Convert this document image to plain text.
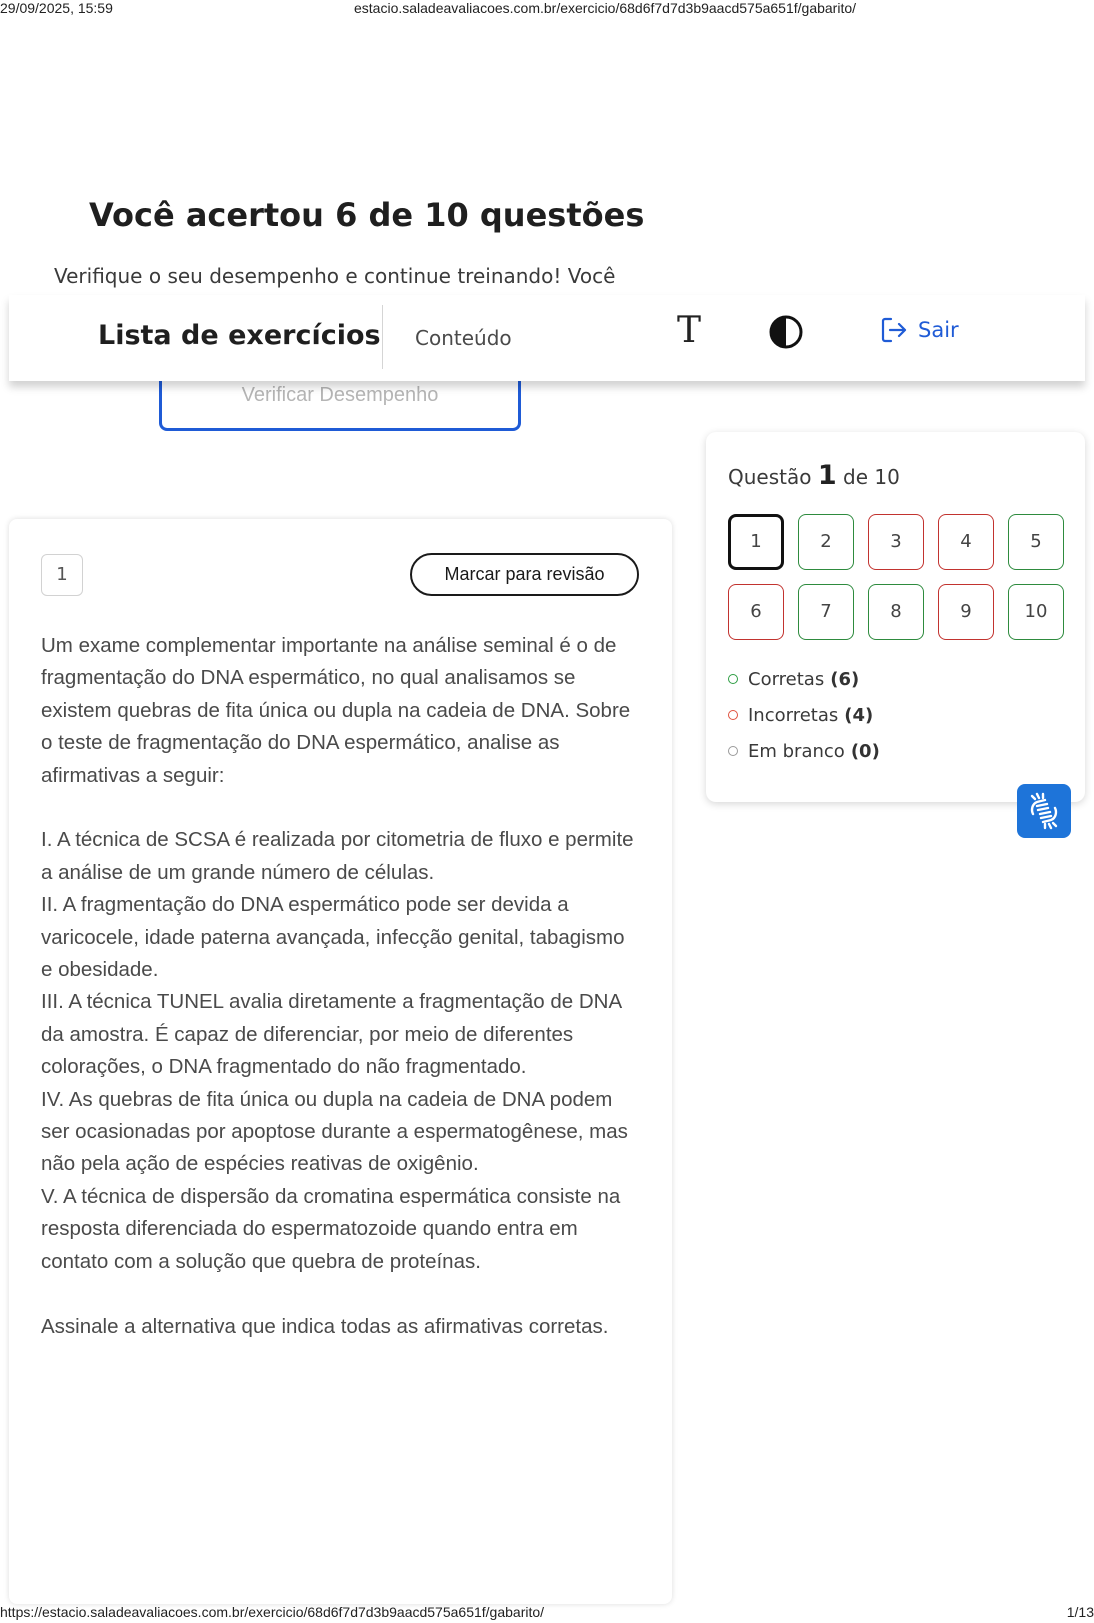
29/09/2025, 15:59	estacio.saladeavaliacoes.com.br/exercicio/68d6f7d7d3b9aacd575a651f/gabarito/
Você acertou 6 de 10 questões
Verifique o seu desempenho e continue treinando! Você
Verificar Desempenho
Lista de exercícios Conteúdo	T	Sair
1	Marcar para revisão

Um exame complementar importante na análise seminal é o de fragmentação do DNA espermático, no qual analisamos se existem quebras de fita única ou dupla na cadeia de DNA. Sobre o teste de fragmentação do DNA espermático, analise as afirmativas a seguir:

I. A técnica de SCSA é realizada por citometria de fluxo e permite a análise de um grande número de células.

II. A fragmentação do DNA espermático pode ser devida a varicocele, idade paterna avançada, infecção genital, tabagismo e obesidade.

III. A técnica TUNEL avalia diretamente a fragmentação de DNA da amostra. É capaz de diferenciar, por meio de diferentes colorações, o DNA fragmentado do não fragmentado.

IV. As quebras de fita única ou dupla na cadeia de DNA podem ser ocasionadas por apoptose durante a espermatogênese, mas não pela ação de espécies reativas de oxigênio.

V. A técnica de dispersão da cromatina espermática consiste na resposta diferenciada do espermatozoide quando entra em contato com a solução que quebra de proteínas.

Assinale a alternativa que indica todas as afirmativas corretas.

Questão 1 de 10
1	2	3	4	5
6	7	8	9	10
Corretas (6)
Incorretas (4)
Em branco (0)
https://estacio.saladeavaliacoes.com.br/exercicio/68d6f7d7d3b9aacd575a651f/gabarito/	1/13
